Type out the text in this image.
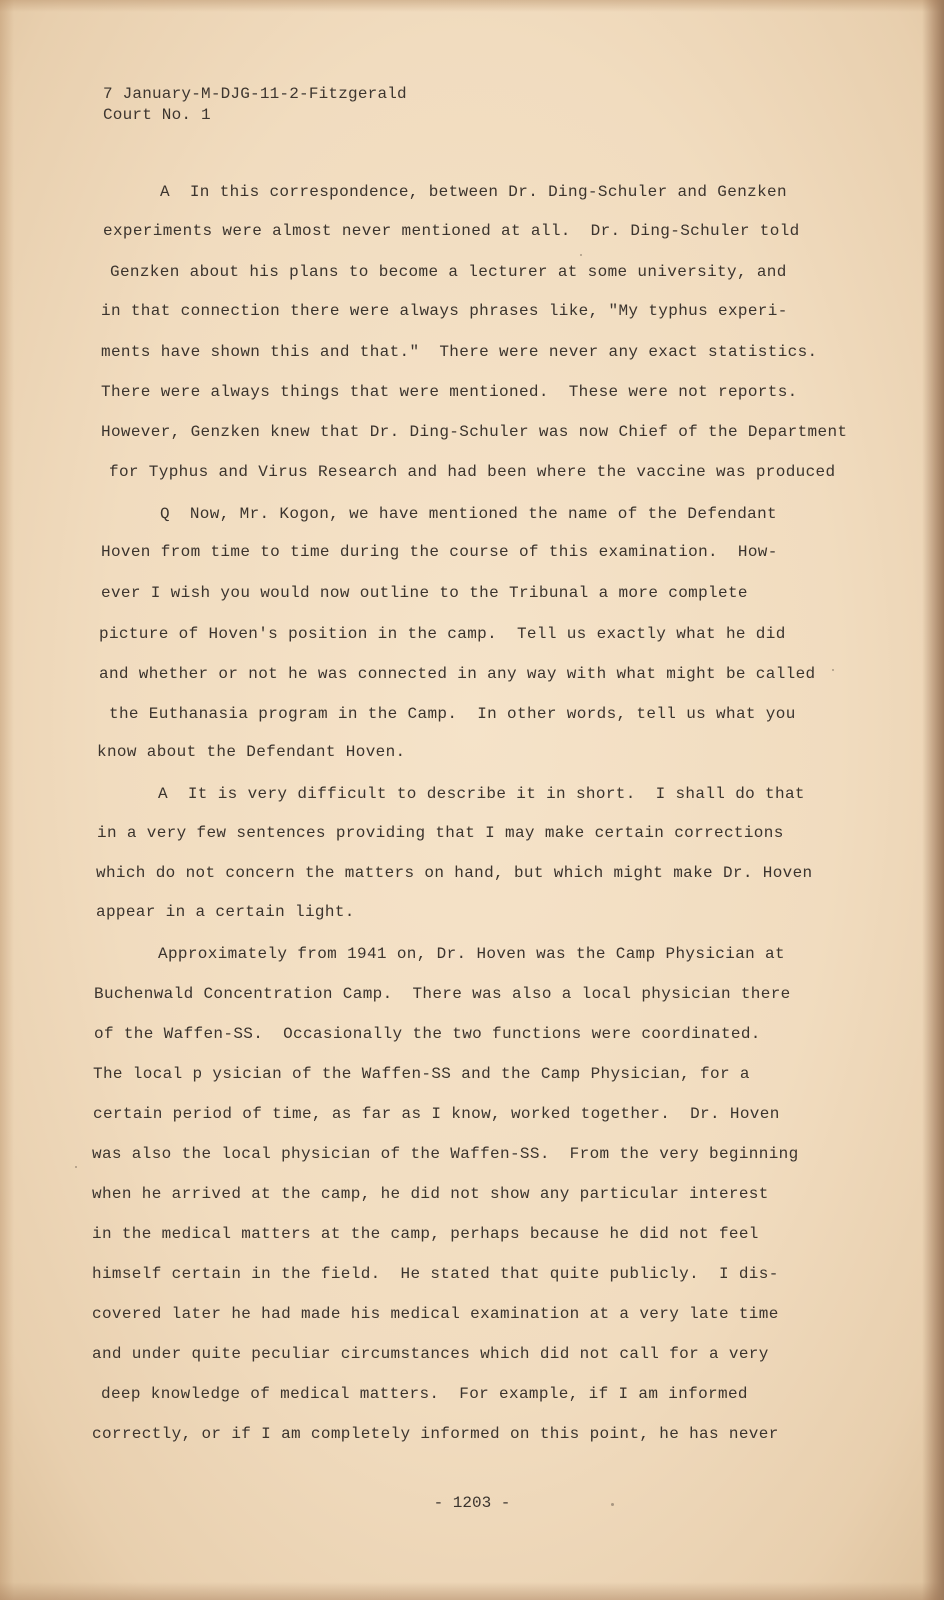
7 January-M-DJG-11-2-Fitzgerald
Court No. 1
A  In this correspondence, between Dr. Ding-Schuler and Genzken
experiments were almost never mentioned at all.  Dr. Ding-Schuler told
Genzken about his plans to become a lecturer at some university, and
in that connection there were always phrases like, "My typhus experi-
ments have shown this and that."  There were never any exact statistics.
There were always things that were mentioned.  These were not reports.
However, Genzken knew that Dr. Ding-Schuler was now Chief of the Department
for Typhus and Virus Research and had been where the vaccine was produced
Q  Now, Mr. Kogon, we have mentioned the name of the Defendant
Hoven from time to time during the course of this examination.  How-
ever I wish you would now outline to the Tribunal a more complete
picture of Hoven's position in the camp.  Tell us exactly what he did
and whether or not he was connected in any way with what might be called
the Euthanasia program in the Camp.  In other words, tell us what you
know about the Defendant Hoven.
A  It is very difficult to describe it in short.  I shall do that
in a very few sentences providing that I may make certain corrections
which do not concern the matters on hand, but which might make Dr. Hoven
appear in a certain light.
Approximately from 1941 on, Dr. Hoven was the Camp Physician at
Buchenwald Concentration Camp.  There was also a local physician there
of the Waffen-SS.  Occasionally the two functions were coordinated.
The local p ysician of the Waffen-SS and the Camp Physician, for a
certain period of time, as far as I know, worked together.  Dr. Hoven
was also the local physician of the Waffen-SS.  From the very beginning
when he arrived at the camp, he did not show any particular interest
in the medical matters at the camp, perhaps because he did not feel
himself certain in the field.  He stated that quite publicly.  I dis-
covered later he had made his medical examination at a very late time
and under quite peculiar circumstances which did not call for a very
deep knowledge of medical matters.  For example, if I am informed
correctly, or if I am completely informed on this point, he has never
- 1203 -
